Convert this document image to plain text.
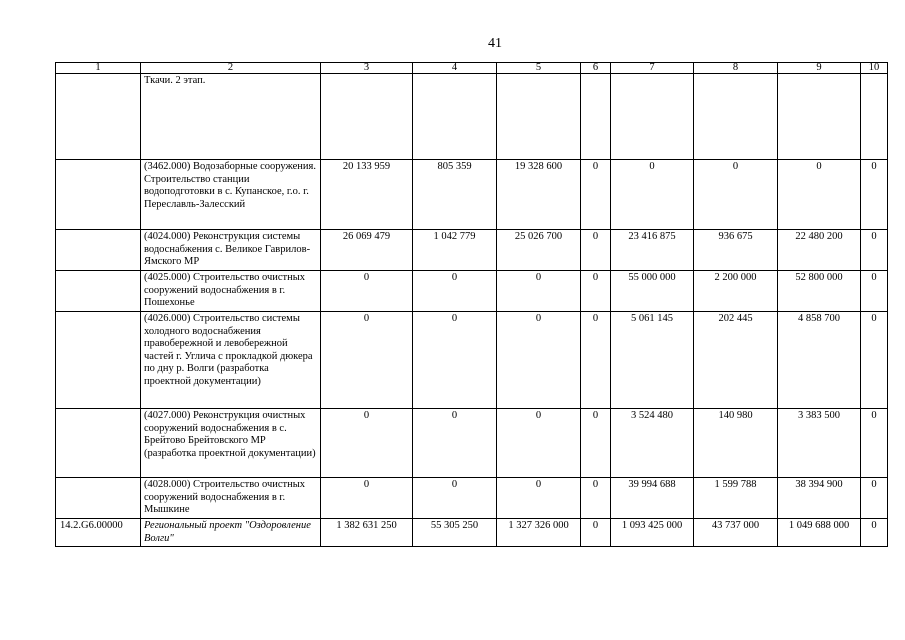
41
1	2	3	4	5	6	7	8	9	10
	Ткачи. 2 этап.								
	(3462.000) Водозаборные сооружения. Строительство станции водоподготовки в с. Купанское, г.о. г. Переславль-Залесский	20 133 959	805 359	19 328 600	0	0	0	0	0
	(4024.000) Реконструкция системы водоснабжения с. Великое Гаврилов-Ямского МР	26 069 479	1 042 779	25 026 700	0	23 416 875	936 675	22 480 200	0
	(4025.000) Строительство очистных сооружений водоснабжения в г. Пошехонье	0	0	0	0	55 000 000	2 200 000	52 800 000	0
	(4026.000) Строительство системы холодного водоснабжения правобережной и левобережной частей г. Углича с прокладкой дюкера по дну р. Волги (разработка проектной документации)	0	0	0	0	5 061 145	202 445	4 858 700	0
	(4027.000) Реконструкция очистных сооружений водоснабжения в с. Брейтово Брейтовского МР (разработка проектной документации)	0	0	0	0	3 524 480	140 980	3 383 500	0
	(4028.000) Строительство очистных сооружений водоснабжения в г. Мышкине	0	0	0	0	39 994 688	1 599 788	38 394 900	0
14.2.G6.00000	Региональный проект "Оздоровление Волги"	1 382 631 250	55 305 250	1 327 326 000	0	1 093 425 000	43 737 000	1 049 688 000	0
